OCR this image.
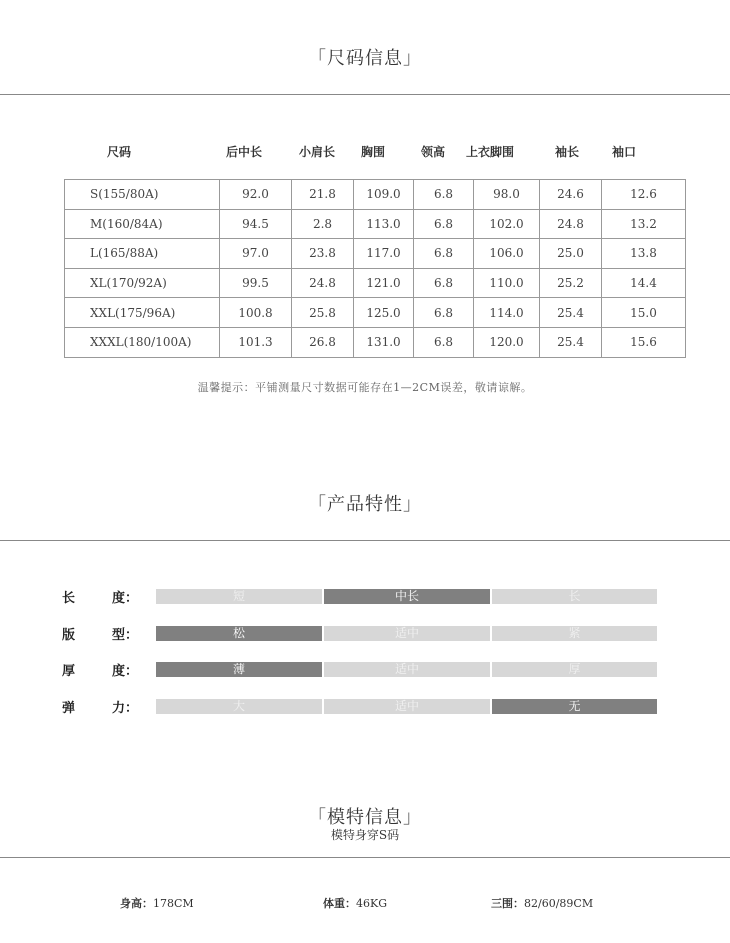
「尺码信息」
尺码	后中长	小肩长	胸围	领高	上衣脚围	袖长	袖口
S(155/80A)	92.0	21.8	109.0	6.8	98.0	24.6	12.6
M(160/84A)	94.5	2.8	113.0	6.8	102.0	24.8	13.2
L(165/88A)	97.0	23.8	117.0	6.8	106.0	25.0	13.8
XL(170/92A)	99.5	24.8	121.0	6.8	110.0	25.2	14.4
XXL(175/96A)	100.8	25.8	125.0	6.8	114.0	25.4	15.0
XXXL(180/100A)	101.3	26.8	131.0	6.8	120.0	25.4	15.6
温馨提示：平铺测量尺寸数据可能存在1—2CM误差，敬请谅解。
「产品特性」
长	度：	短	中长	长
版	型：	松	适中	紧
厚	度：	薄	适中	厚
弹	力：	大	适中	无
「模特信息」
模特身穿S码
身高：178CM	体重：46KG	三围：82/60/89CM
